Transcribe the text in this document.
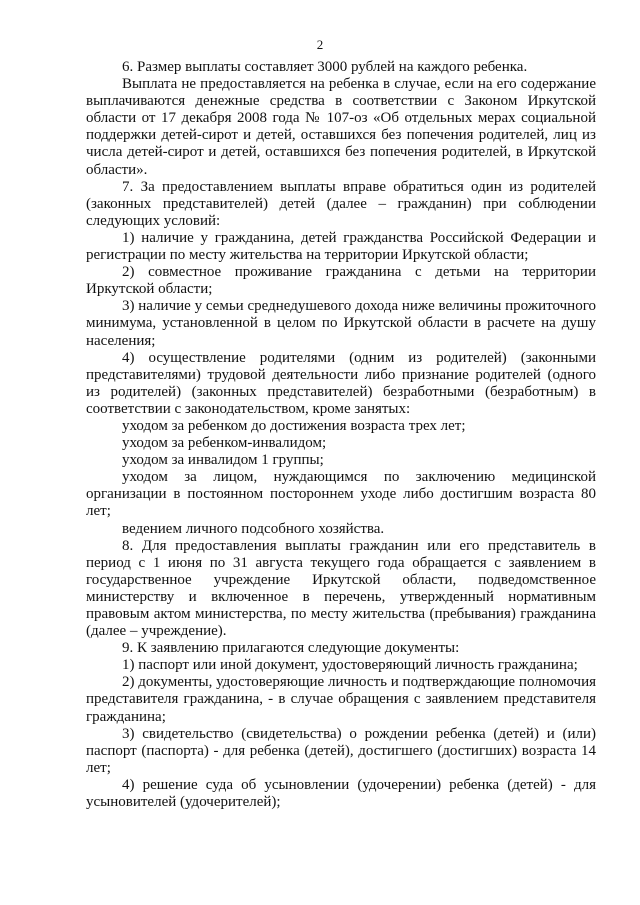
2

6. Размер выплаты составляет 3000 рублей на каждого ребенка.

Выплата не предоставляется на ребенка в случае, если на его содержание выплачиваются денежные средства в соответствии с Законом Иркутской области от 17 декабря 2008 года № 107-оз «Об отдельных мерах социальной поддержки детей-сирот и детей, оставшихся без попечения родителей, лиц из числа детей-сирот и детей, оставшихся без попечения родителей, в Иркутской области».

7. За предоставлением выплаты вправе обратиться один из родителей (законных представителей) детей (далее – гражданин) при соблюдении следующих условий:

1) наличие у гражданина, детей гражданства Российской Федерации и регистрации по месту жительства на территории Иркутской области;

2) совместное проживание гражданина с детьми на территории Иркутской области;

3) наличие у семьи среднедушевого дохода ниже величины прожиточного минимума, установленной в целом по Иркутской области в расчете на душу населения;

4) осуществление родителями (одним из родителей) (законными представителями) трудовой деятельности либо признание родителей (одного из родителей) (законных представителей) безработными (безработным) в соответствии с законодательством, кроме занятых:

уходом за ребенком до достижения возраста трех лет;

уходом за ребенком-инвалидом;

уходом за инвалидом 1 группы;

уходом за лицом, нуждающимся по заключению медицинской организации в постоянном постороннем уходе либо достигшим возраста 80 лет;

ведением личного подсобного хозяйства.

8. Для предоставления выплаты гражданин или его представитель в период с 1 июня по 31 августа текущего года обращается с заявлением в государственное учреждение Иркутской области, подведомственное министерству и включенное в перечень, утвержденный нормативным правовым актом министерства, по месту жительства (пребывания) гражданина (далее – учреждение).

9. К заявлению прилагаются следующие документы:

1) паспорт или иной документ, удостоверяющий личность гражданина;

2) документы, удостоверяющие личность и подтверждающие полномочия представителя гражданина, - в случае обращения с заявлением представителя гражданина;

3) свидетельство (свидетельства) о рождении ребенка (детей) и (или) паспорт (паспорта) - для ребенка (детей), достигшего (достигших) возраста 14 лет;

4) решение суда об усыновлении (удочерении) ребенка (детей) - для усыновителей (удочерителей);
